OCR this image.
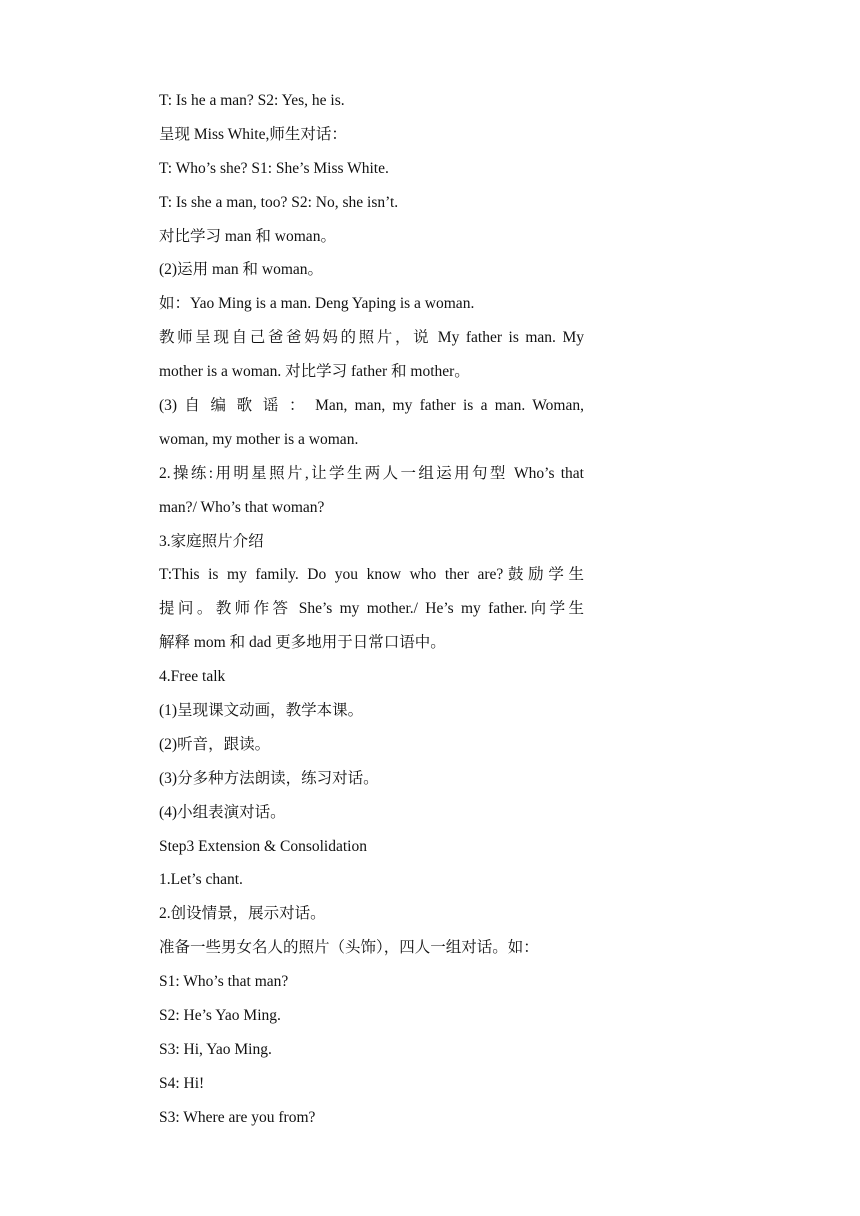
T: Is he a man? S2: Yes, he is.
呈现 Miss White,师生对话：
T: Who’s she? S1: She’s Miss White.
T: Is she a man, too? S2: No, she isn’t.
对比学习 man 和 woman。
(2)运用 man 和 woman。
如：Yao Ming is a man. Deng Yaping is a woman.
教师呈现自己爸爸妈妈的照片，说 My father is man. My
mother is a woman. 对比学习 father 和 mother。
(3) 自 编 歌 谣 ： Man, man, my father is a man. Woman,
woman, my mother is a woman.
2.操练:用明星照片,让学生两人一组运用句型 Who’s that
man?/ Who’s that woman?
3.家庭照片介绍
T:This is my family. Do you know who ther are?鼓励学生
提问。教师作答 She’s my mother./ He’s my father.向学生
解释 mom 和 dad 更多地用于日常口语中。
4.Free talk
(1)呈现课文动画，教学本课。
(2)听音，跟读。
(3)分多种方法朗读，练习对话。
(4)小组表演对话。
Step3 Extension & Consolidation
1.Let’s chant.
2.创设情景，展示对话。
准备一些男女名人的照片（头饰），四人一组对话。如：
S1: Who’s that man?
S2: He’s Yao Ming.
S3: Hi, Yao Ming.
S4: Hi!
S3: Where are you from?
